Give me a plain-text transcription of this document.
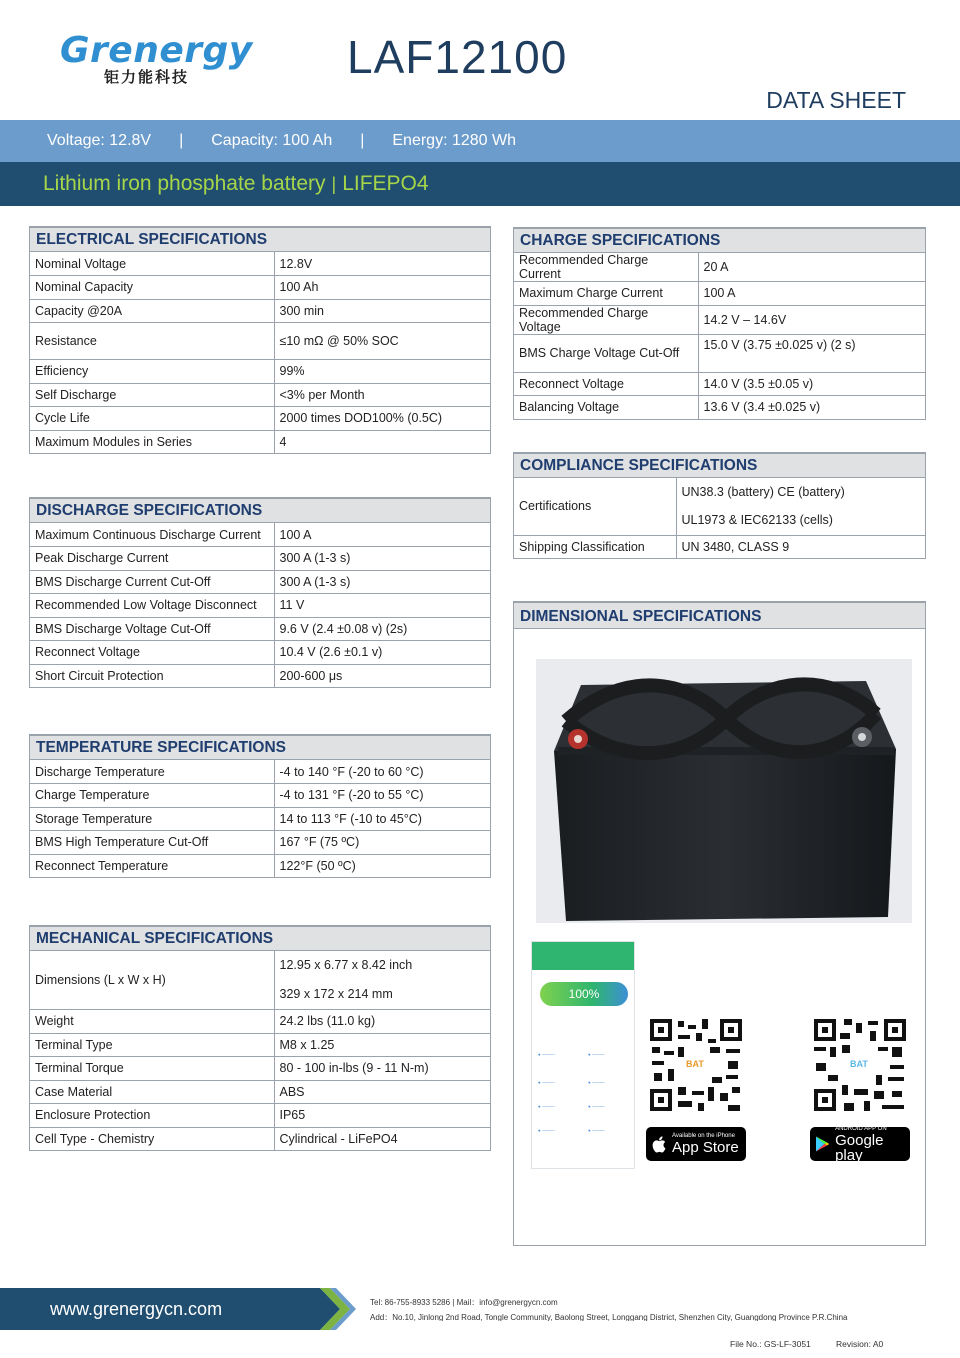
Grenergy
钜力能科技	LAF12100
DATA SHEET
Voltage: 12.8V | Capacity: 100 Ah | Energy: 1280 Wh
Lithium iron phosphate battery | LIFEPO4
ELECTRICAL SPECIFICATIONS
Nominal Voltage	12.8V
Nominal Capacity	100 Ah
Capacity @20A	300 min
Resistance	≤10 mΩ @ 50% SOC
Efficiency	99%
Self Discharge	<3% per Month
Cycle Life	2000 times DOD100% (0.5C)
Maximum Modules in Series	4
DISCHARGE SPECIFICATIONS
Maximum Continuous Discharge Current	100 A
Peak Discharge Current	300 A (1-3 s)
BMS Discharge Current Cut-Off	300 A (1-3 s)
Recommended Low Voltage Disconnect	11 V
BMS Discharge Voltage Cut-Off	9.6 V (2.4 ±0.08 v) (2s)
Reconnect Voltage	10.4 V (2.6 ±0.1 v)
Short Circuit Protection	200-600 μs
TEMPERATURE SPECIFICATIONS
Discharge Temperature	-4 to 140 °F (-20 to 60 °C)
Charge Temperature	-4 to 131 °F (-20 to 55 °C)
Storage Temperature	14 to 113 °F (-10 to 45°C)
BMS High Temperature Cut-Off	167 °F (75 ºC)
Reconnect Temperature	122°F (50 ºC)
MECHANICAL SPECIFICATIONS
Dimensions (L x W x H)	12.95 x 6.77 x 8.42 inch
329 x 172 x 214 mm

Weight	24.2 lbs (11.0 kg)
Terminal Type	M8 x 1.25
Terminal Torque	80 - 100 in-lbs (9 - 11 N-m)
Case Material	ABS
Enclosure Protection	IP65
Cell Type - Chemistry	Cylindrical - LiFePO4
CHARGE SPECIFICATIONS
Recommended Charge Current	20 A
Maximum Charge Current	100 A
Recommended Charge Voltage	14.2 V – 14.6V
BMS Charge Voltage Cut-Off	15.0 V (3.75 ±0.025 v) (2 s)
Reconnect Voltage	14.0 V (3.5 ±0.05 v)
Balancing Voltage	13.6 V (3.4 ±0.025 v)
COMPLIANCE SPECIFICATIONS
Certifications	UN38.3 (battery) CE (battery)
UL1973 & IEC62133 (cells)

Shipping Classification	UN 3480, CLASS 9
DIMENSIONAL SPECIFICATIONS
100%
● ────	● ────
● ────	● ────
● ────	● ────
● ────	● ────
BAT	BAT
Available on the iPhone
App Store
ANDROID APP ON
Google play
www.grenergycn.com	Tel: 86-755-8933 5286 | Mail：info@grenergycn.com
Add：No.10, Jinlong 2nd Road, Tongle Community, Baolong Street, Longgang District, Shenzhen City, Guangdong Province P.R.China
File No.: GS-LF-3051	Revision: A0
